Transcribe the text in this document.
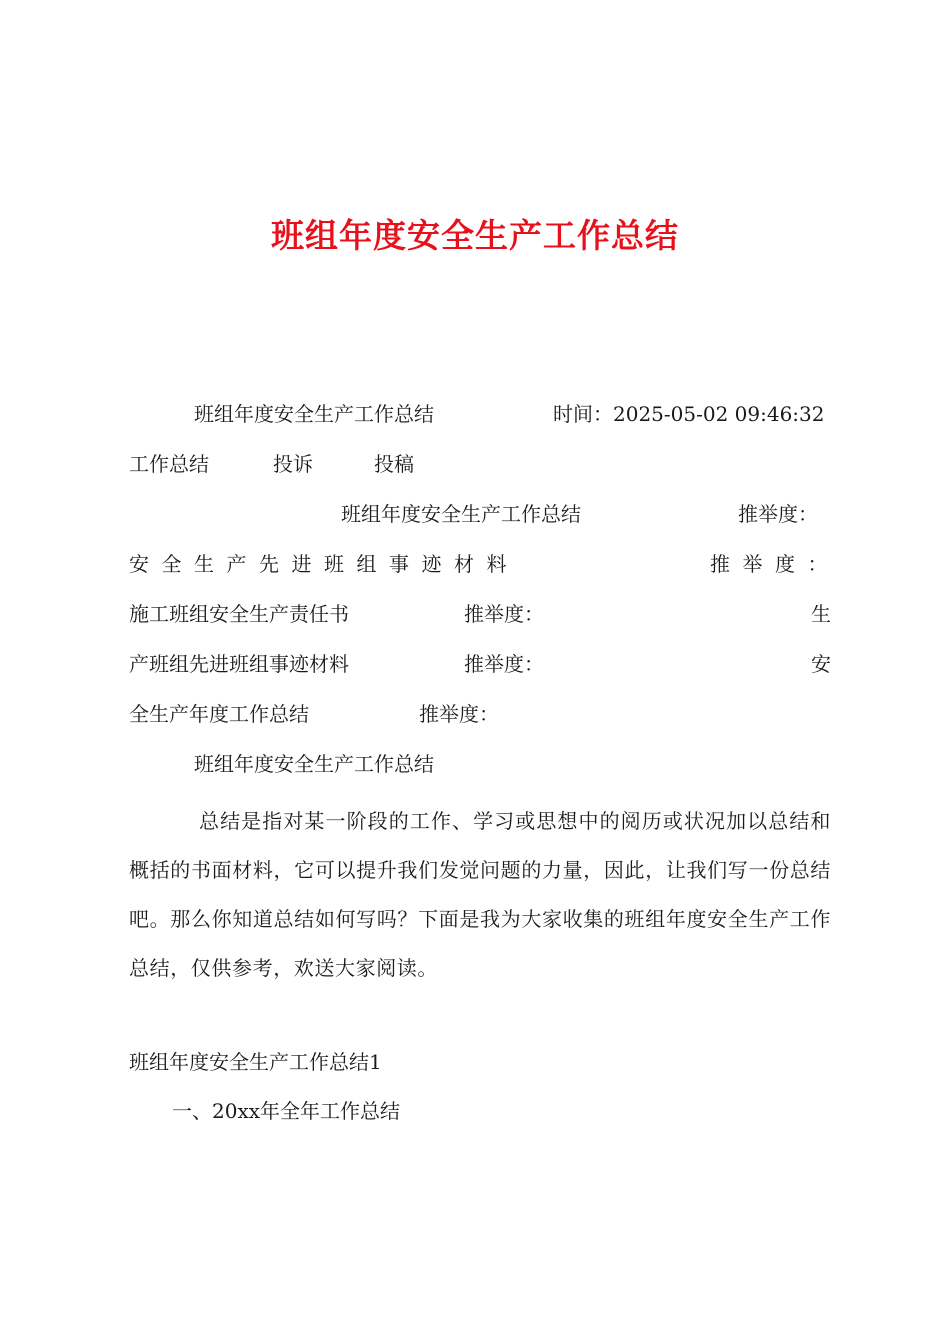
班组年度安全生产工作总结
班组年度安全生产工作总结	时间：2025-05-02 09:46:32
工作总结	投诉	投稿
班组年度安全生产工作总结	推举度：
安全生产先进班组事迹材料	推举度：
施工班组安全生产责任书	推举度：	生
产班组先进班组事迹材料	推举度：	安
全生产年度工作总结	推举度：
班组年度安全生产工作总结
总结是指对某一阶段的工作、学习或思想中的阅历或状况加以总结和概括的书面材料，它可以提升我们发觉问题的力量，因此，让我们写一份总结吧。那么你知道总结如何写吗？下面是我为大家收集的班组年度安全生产工作总结，仅供参考，欢送大家阅读。
班组年度安全生产工作总结1
一、20xx年全年工作总结
